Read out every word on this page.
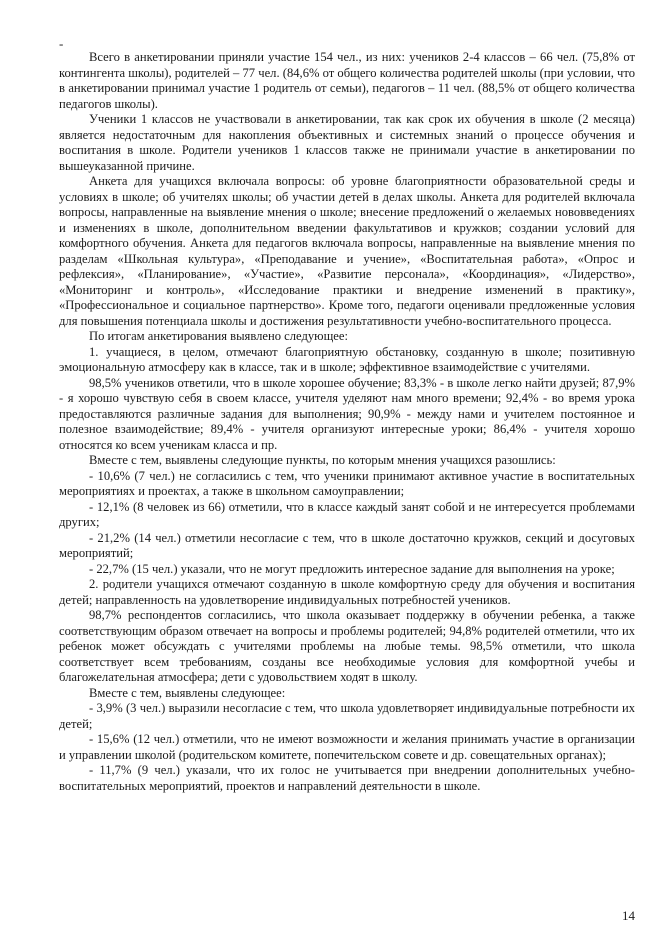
-

Всего в анкетировании приняли участие 154 чел., из них: учеников 2-4 классов – 66 чел. (75,8% от контингента школы), родителей – 77 чел. (84,6% от общего количества родителей школы (при условии, что в анкетировании принимал участие 1 родитель от семьи), педагогов – 11 чел. (88,5% от общего количества педагогов школы).

Ученики 1 классов не участвовали в анкетировании, так как срок их обучения в школе (2 месяца) является недостаточным для накопления объективных и системных знаний о процессе обучения и воспитания в школе. Родители учеников 1 классов также не принимали участие в анкетировании по вышеуказанной причине.

Анкета для учащихся включала вопросы: об уровне благоприятности образовательной среды и условиях в школе; об учителях школы; об участии детей в делах школы. Анкета для родителей включала вопросы, направленные на выявление мнения о школе; внесение предложений о желаемых нововведениях и изменениях в школе, дополнительном введении факультативов и кружков; создании условий для комфортного обучения. Анкета для педагогов включала вопросы, направленные на выявление мнения по разделам «Школьная культура», «Преподавание и учение», «Воспитательная работа», «Опрос и рефлексия», «Планирование», «Участие», «Развитие персонала», «Координация», «Лидерство», «Мониторинг и контроль», «Исследование практики и внедрение изменений в практику», «Профессиональное и социальное партнерство». Кроме того, педагоги оценивали предложенные условия для повышения потенциала школы и достижения результативности учебно-воспитательного процесса.

По итогам анкетирования выявлено следующее:

1. учащиеся, в целом, отмечают благоприятную обстановку, созданную в школе; позитивную эмоциональную атмосферу как в классе, так и в школе; эффективное взаимодействие с учителями.

98,5% учеников ответили, что в школе хорошее обучение; 83,3% - в школе легко найти друзей; 87,9% - я хорошо чувствую себя в своем классе, учителя уделяют нам много времени; 92,4% - во время урока предоставляются различные задания для выполнения; 90,9% - между нами и учителем постоянное и полезное взаимодействие; 89,4% - учителя организуют интересные уроки; 86,4% - учителя хорошо относятся ко всем ученикам класса и пр.

Вместе с тем, выявлены следующие пункты, по которым мнения учащихся разошлись:

- 10,6% (7 чел.) не согласились с тем, что ученики принимают активное участие в воспитательных мероприятиях и проектах, а также в школьном самоуправлении;

- 12,1% (8 человек из 66) отметили, что в классе каждый занят собой и не интересуется проблемами других;

- 21,2% (14 чел.) отметили несогласие с тем, что в школе достаточно кружков, секций и досуговых мероприятий;

- 22,7% (15 чел.) указали, что не могут предложить интересное задание для выполнения на уроке;

2. родители учащихся отмечают созданную в школе комфортную среду для обучения и воспитания детей; направленность на удовлетворение индивидуальных потребностей учеников.

98,7% респондентов согласились, что школа оказывает поддержку в обучении ребенка, а также соответствующим образом отвечает на вопросы и проблемы родителей; 94,8% родителей отметили, что их ребенок может обсуждать с учителями проблемы на любые темы. 98,5% отметили, что школа соответствует всем требованиям, созданы все необходимые условия для комфортной учебы и благожелательная атмосфера; дети с удовольствием ходят в школу.

Вместе с тем, выявлены следующее:

- 3,9% (3 чел.) выразили несогласие с тем, что школа удовлетворяет индивидуальные потребности их детей;

- 15,6% (12 чел.) отметили, что не имеют возможности и желания принимать участие в организации и управлении школой (родительском комитете, попечительском совете и др. совещательных органах);

- 11,7% (9 чел.) указали, что их голос не учитывается при внедрении дополнительных учебно-воспитательных мероприятий, проектов и направлений деятельности в школе.

14
